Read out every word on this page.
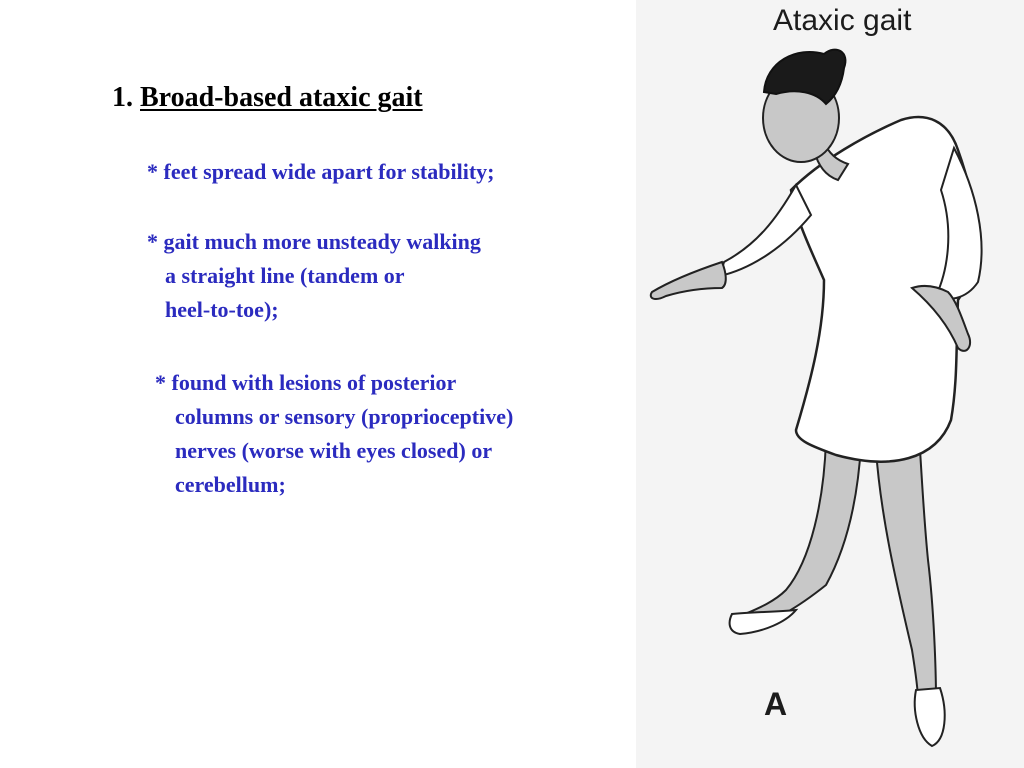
1. Broad-based ataxic gait

* feet spread wide apart for stability;

* gait much more unsteady walking
a straight line (tandem or
heel-to-toe);

* found with lesions of posterior
columns or sensory (proprioceptive)
nerves (worse with eyes closed) or
cerebellum;

Ataxic gait
A
